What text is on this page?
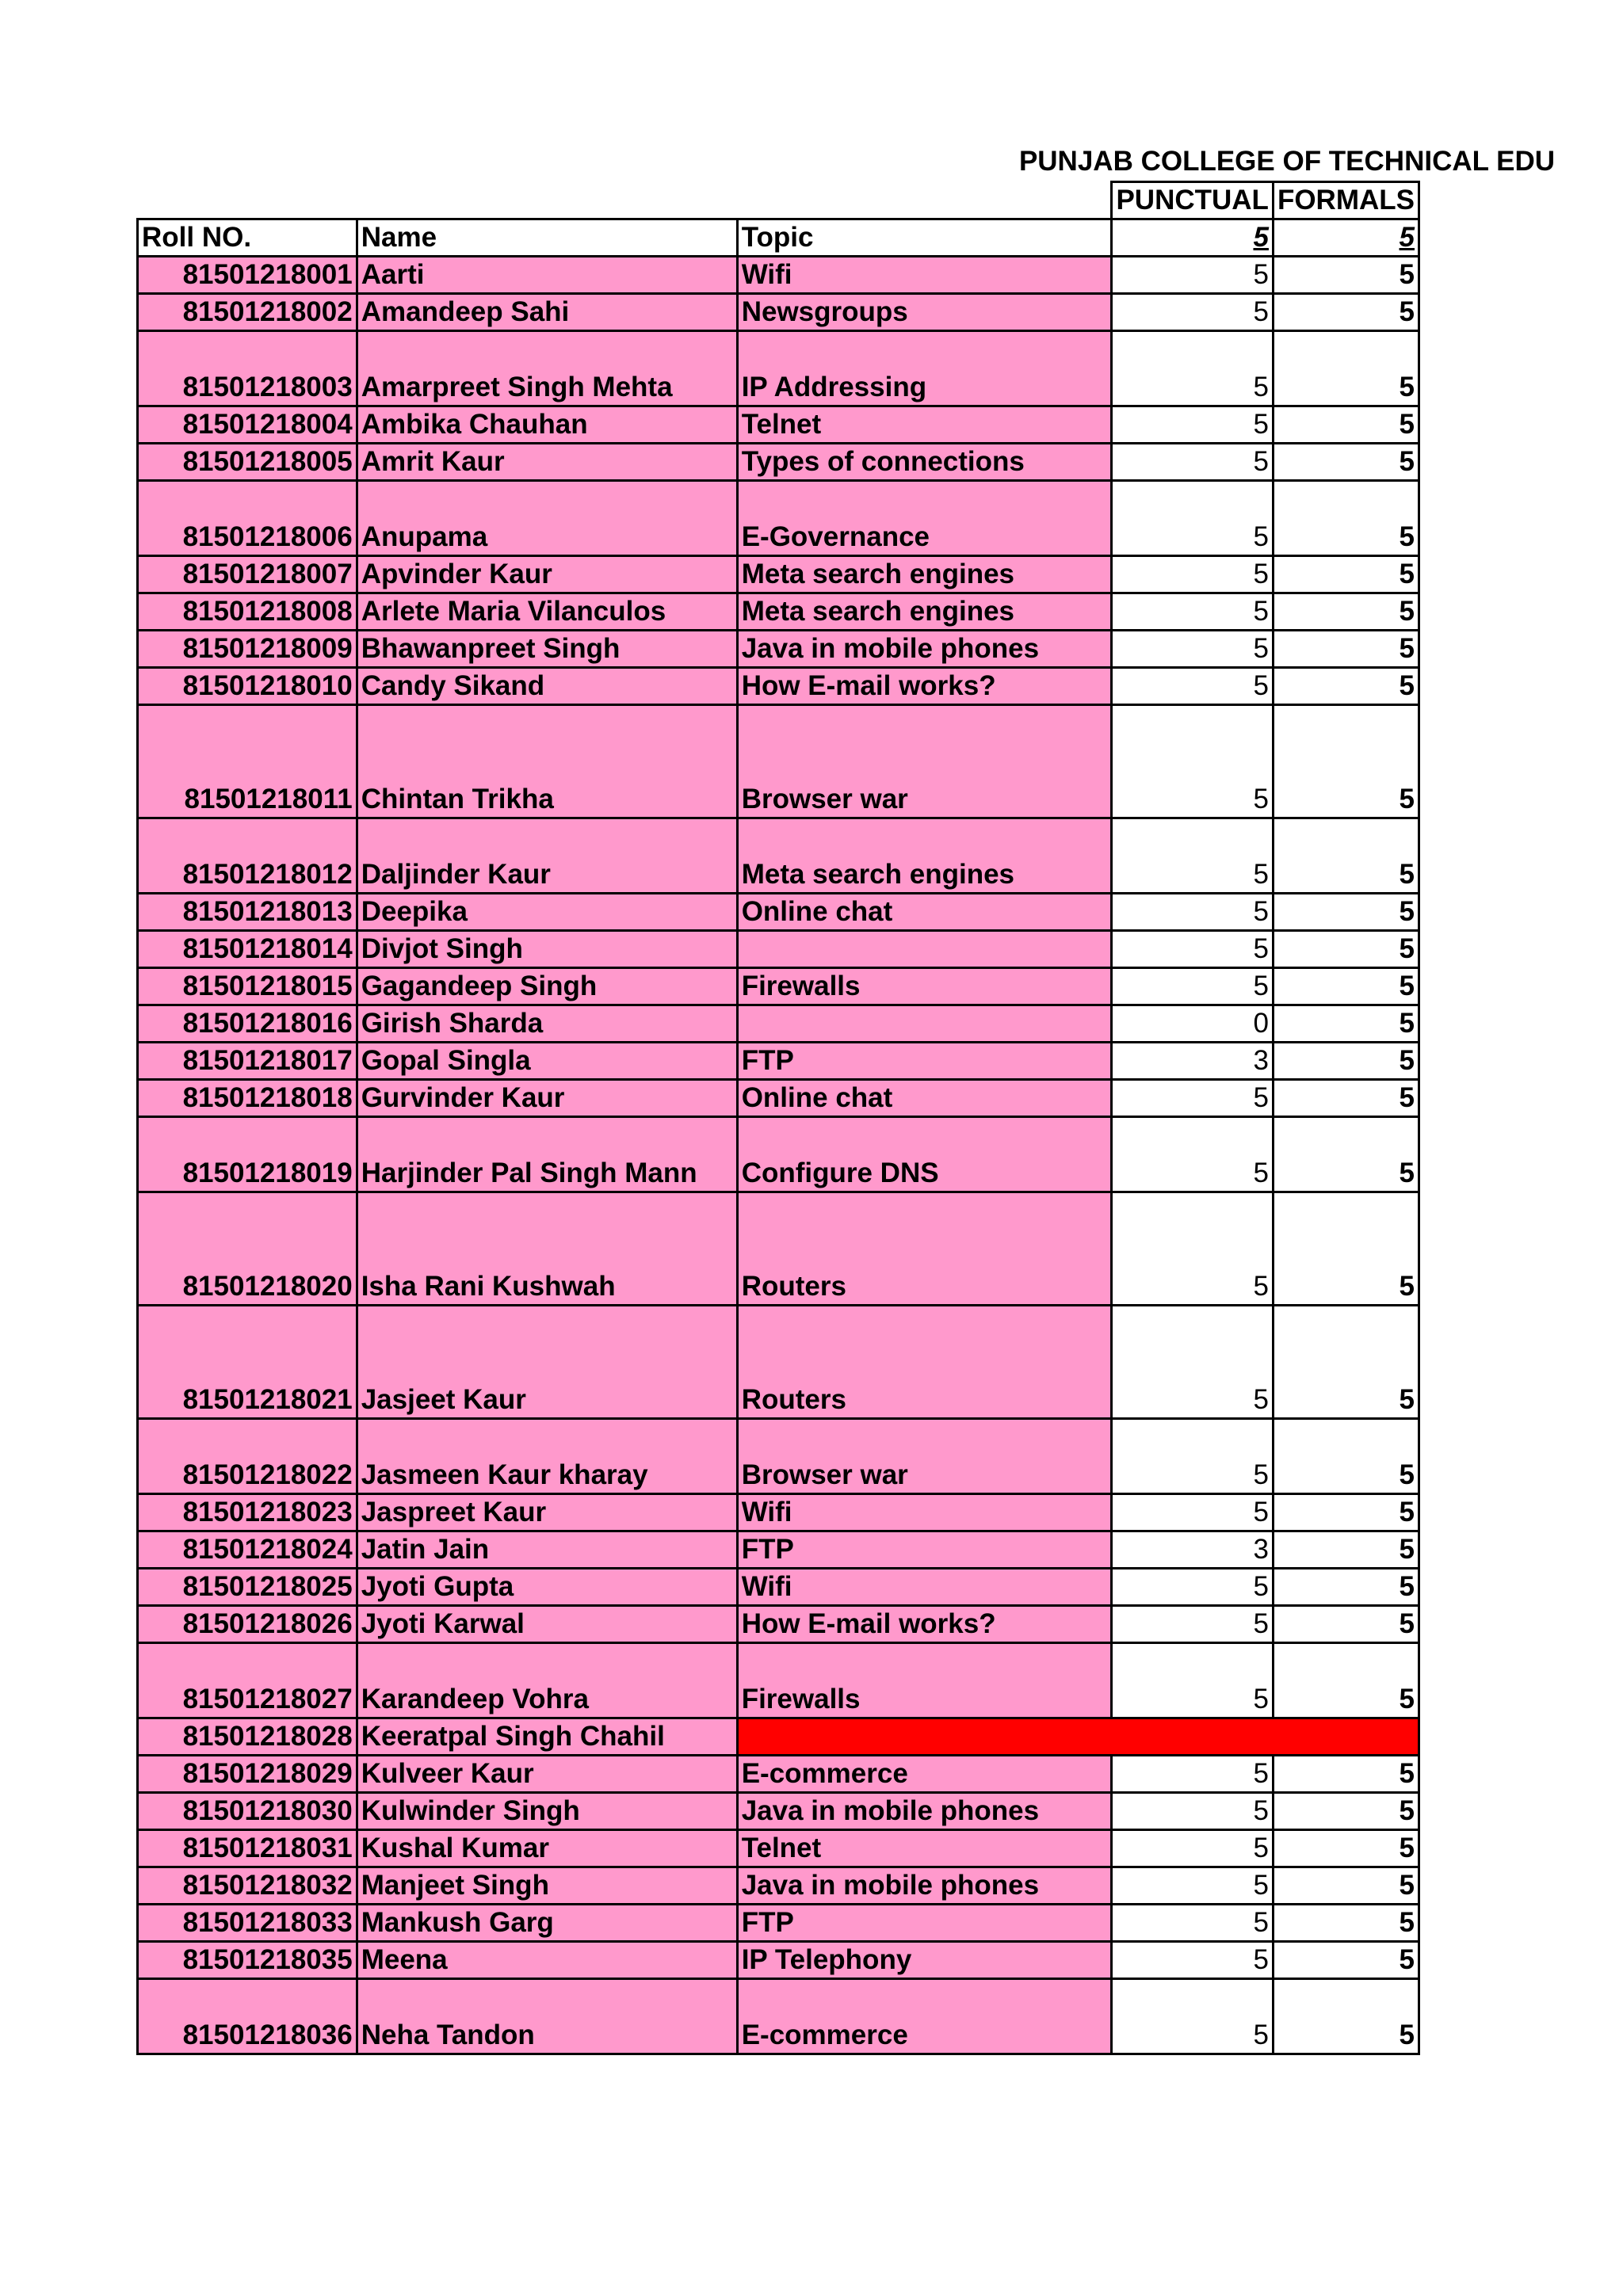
PUNJAB COLLEGE OF TECHNICAL EDU
			PUNCTUAL	FORMALS
Roll NO.	Name	Topic	5	5
81501218001	Aarti	Wifi	5	5
81501218002	Amandeep Sahi	Newsgroups	5	5
81501218003	Amarpreet Singh Mehta	IP Addressing	5	5
81501218004	Ambika Chauhan	Telnet	5	5
81501218005	Amrit Kaur	Types of connections	5	5
81501218006	Anupama	E-Governance	5	5
81501218007	Apvinder Kaur	Meta search engines	5	5
81501218008	Arlete Maria Vilanculos	Meta search engines	5	5
81501218009	Bhawanpreet Singh	Java in mobile phones	5	5
81501218010	Candy Sikand	How E-mail works?	5	5
81501218011	Chintan Trikha	Browser war	5	5
81501218012	Daljinder Kaur	Meta search engines	5	5
81501218013	Deepika	Online chat	5	5
81501218014	Divjot Singh		5	5
81501218015	Gagandeep Singh	Firewalls	5	5
81501218016	Girish Sharda		0	5
81501218017	Gopal Singla	FTP	3	5
81501218018	Gurvinder Kaur	Online chat	5	5
81501218019	Harjinder Pal Singh Mann	Configure DNS	5	5
81501218020	Isha Rani Kushwah	Routers	5	5
81501218021	Jasjeet Kaur	Routers	5	5
81501218022	Jasmeen Kaur kharay	Browser war	5	5
81501218023	Jaspreet Kaur	Wifi	5	5
81501218024	Jatin Jain	FTP	3	5
81501218025	Jyoti Gupta	Wifi	5	5
81501218026	Jyoti Karwal	How E-mail works?	5	5
81501218027	Karandeep Vohra	Firewalls	5	5
81501218028	Keeratpal Singh Chahil			
81501218029	Kulveer Kaur	E-commerce	5	5
81501218030	Kulwinder Singh	Java in mobile phones	5	5
81501218031	Kushal Kumar	Telnet	5	5
81501218032	Manjeet Singh	Java in mobile phones	5	5
81501218033	Mankush Garg	FTP	5	5
81501218035	Meena	IP Telephony	5	5
81501218036	Neha Tandon	E-commerce	5	5
